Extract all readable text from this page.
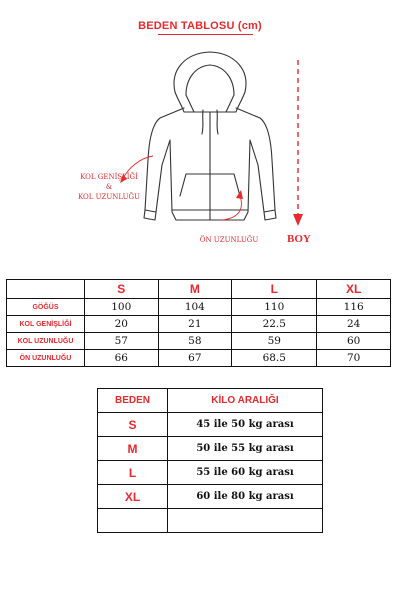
BEDEN TABLOSU (cm)
KOL GENİŞLİĞİ
&
KOL UZUNLUĞU
ÖN UZUNLUĞU	BOY
	S	M	L	XL
GÖĞÜS	100	104	110	116
KOL GENİŞLİĞİ	20	21	22.5	24
KOL UZUNLUĞU	57	58	59	60
ÖN UZUNLUĞU	66	67	68.5	70
BEDEN	KİLO ARALIĞI
S	45 ile 50 kg arası
M	50 ile 55 kg arası
L	55 ile 60 kg arası
XL	60 ile 80 kg arası
